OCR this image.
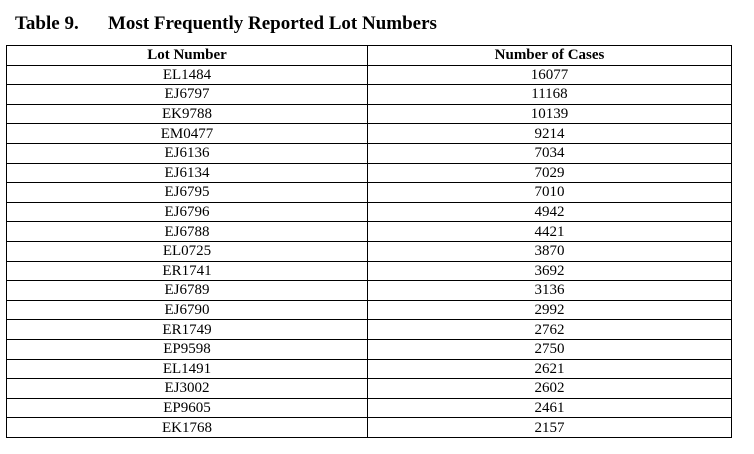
Table 9.	Most Frequently Reported Lot Numbers
Lot Number	Number of Cases
EL1484	16077
EJ6797	11168
EK9788	10139
EM0477	9214
EJ6136	7034
EJ6134	7029
EJ6795	7010
EJ6796	4942
EJ6788	4421
EL0725	3870
ER1741	3692
EJ6789	3136
EJ6790	2992
ER1749	2762
EP9598	2750
EL1491	2621
EJ3002	2602
EP9605	2461
EK1768	2157
